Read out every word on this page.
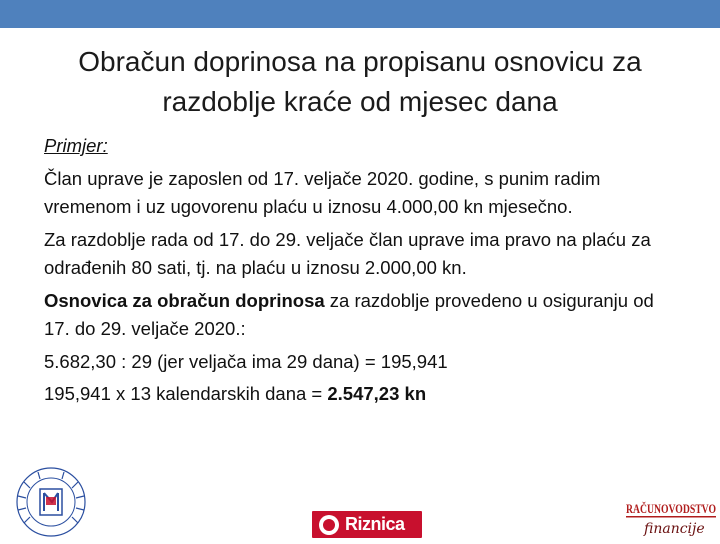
Obračun doprinosa na propisanu osnovicu za
razdoblje kraće od mjesec dana

Primjer:

Član uprave je zaposlen od 17. veljače 2020. godine, s punim radim vremenom i uz ugovorenu plaću u iznosu 4.000,00 kn mjesečno.

Za razdoblje rada od 17. do 29. veljače član uprave ima pravo na plaću za odrađenih 80 sati, tj. na plaću u iznosu 2.000,00 kn.

Osnovica za obračun doprinosa za razdoblje provedeno u osiguranju od 17. do 29. veljače 2020.:

5.682,30 : 29 (jer veljača ima 29 dana) = 195,941

195,941 x 13 kalendarskih dana = 2.547,23 kn

Riznica
RAČUNOVODSTVO
financije
